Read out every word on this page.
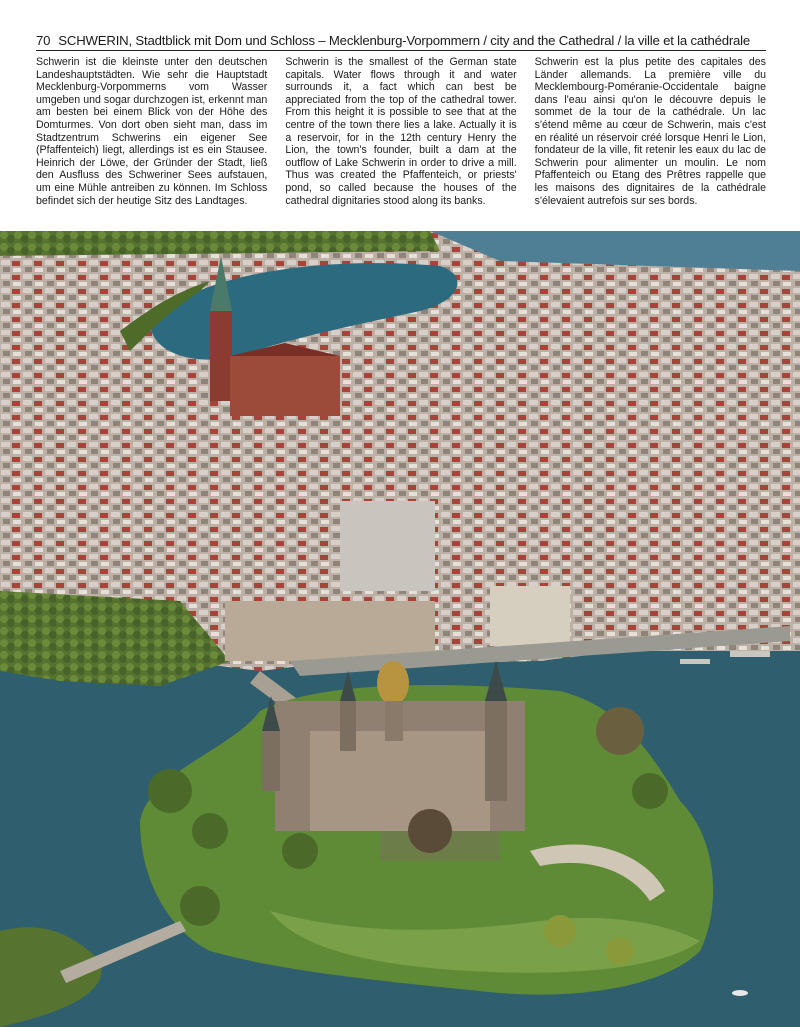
70 SCHWERIN, Stadtblick mit Dom und Schloss – Mecklenburg-Vorpommern / city and the Cathedral / la ville et la cathédrale
Schwerin ist die kleinste unter den deutschen Landeshauptstädten. Wie sehr die Hauptstadt Mecklenburg-Vorpommerns vom Wasser umgeben und sogar durchzogen ist, erkennt man am besten bei einem Blick von der Höhe des Domturmes. Von dort oben sieht man, dass im Stadtzentrum Schwerins ein eigener See (Pfaffenteich) liegt, allerdings ist es ein Stausee. Heinrich der Löwe, der Gründer der Stadt, ließ den Ausfluss des Schweriner Sees aufstauen, um eine Mühle antreiben zu können. Im Schloss befindet sich der heutige Sitz des Landtages.
Schwerin is the smallest of the German state capitals. Water flows through it and water surrounds it, a fact which can best be appreciated from the top of the cathedral tower. From this height it is possible to see that at the centre of the town there lies a lake. Actually it is a reservoir, for in the 12th century Henry the Lion, the town's founder, built a dam at the outflow of Lake Schwerin in order to drive a mill. Thus was created the Pfaffenteich, or priests' pond, so called because the houses of the cathedral dignitaries stood along its banks.
Schwerin est la plus petite des capitales des Länder allemands. La première ville du Mecklembourg-Poméranie-Occidentale baigne dans l'eau ainsi qu'on le découvre depuis le sommet de la tour de la cathédrale. Un lac s'étend même au cœur de Schwerin, mais c'est en réalité un réservoir créé lorsque Henri le Lion, fondateur de la ville, fit retenir les eaux du lac de Schwerin pour alimenter un moulin. Le nom Pfaffenteich ou Etang des Prêtres rappelle que les maisons des dignitaires de la cathédrale s'élevaient autrefois sur ses bords.
